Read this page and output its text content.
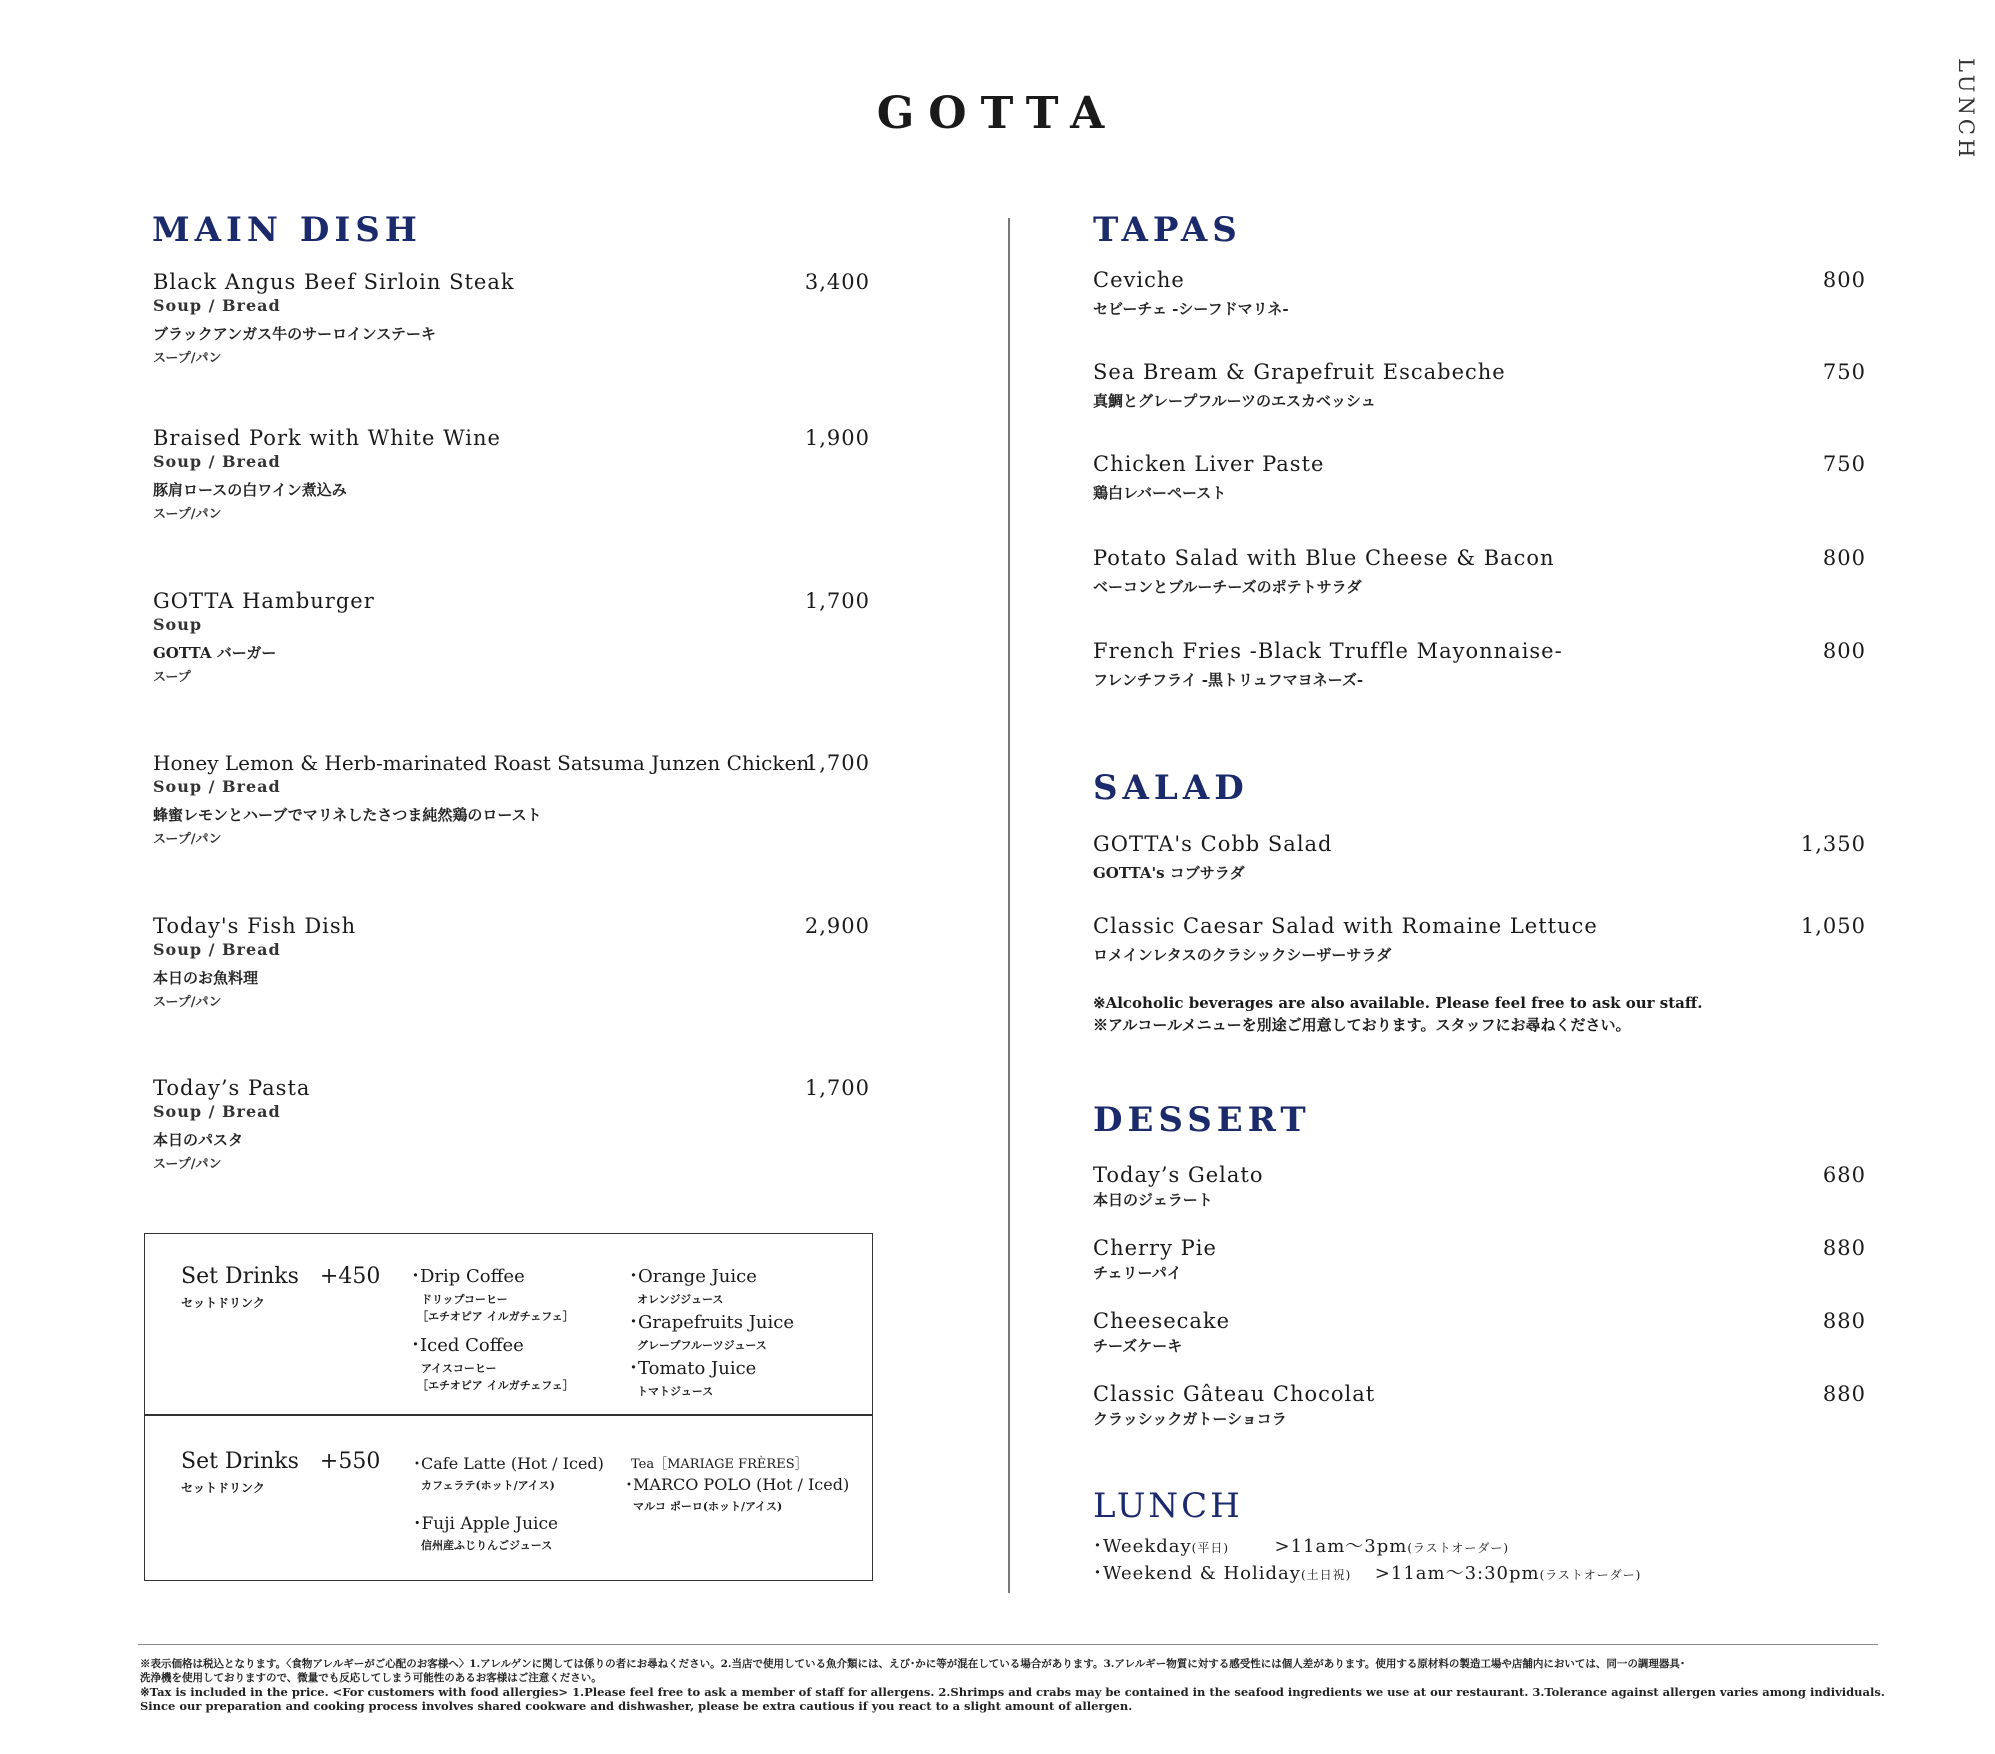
GOTTA	LUNCH
MAIN DISH
Black Angus Beef Sirloin Steak
Soup / Bread
ブラックアンガス牛のサーロインステーキ
スープ/パン
3,400
Braised Pork with White Wine
Soup / Bread
豚肩ロースの白ワイン煮込み
スープ/パン
1,900
GOTTA Hamburger
Soup
GOTTA バーガー
スープ
1,700
Honey Lemon & Herb-marinated Roast Satsuma Junzen Chicken
Soup / Bread
蜂蜜レモンとハーブでマリネしたさつま純然鶏のロースト
スープ/パン
1,700
Today's Fish Dish
Soup / Bread
本日のお魚料理
スープ/パン
2,900
Today’s Pasta
Soup / Bread
本日のパスタ
スープ/パン
1,700
Set Drinks   +450
セットドリンク
･Drip Coffee
ドリップコーヒー
［エチオピア イルガチェフェ］
･Iced Coffee
アイスコーヒー
［エチオピア イルガチェフェ］
･Orange Juice
オレンジジュース
･Grapefruits Juice
グレープフルーツジュース
･Tomato Juice
トマトジュース
Set Drinks   +550
セットドリンク
･Cafe Latte (Hot / Iced)
カフェラテ(ホット/アイス)
･Fuji Apple Juice
信州産ふじりんごジュース
Tea［MARIAGE FRÈRES］
･MARCO POLO (Hot / Iced)
マルコ ポーロ(ホット/アイス)
TAPAS
Ceviche
セビーチェ -シーフドマリネ-
800
Sea Bream & Grapefruit Escabeche
真鯛とグレープフルーツのエスカベッシュ
750
Chicken Liver Paste
鶏白レバーペースト
750
Potato Salad with Blue Cheese & Bacon
ベーコンとブルーチーズのポテトサラダ
800
French Fries -Black Truffle Mayonnaise-
フレンチフライ -黒トリュフマヨネーズ-
800
SALAD
GOTTA's Cobb Salad
GOTTA's コブサラダ
1,350
Classic Caesar Salad with Romaine Lettuce
ロメインレタスのクラシックシーザーサラダ
1,050
※Alcoholic beverages are also available. Please feel free to ask our staff.
※アルコールメニューを別途ご用意しております。スタッフにお尋ねください。
DESSERT
Today’s Gelato
本日のジェラート
680
Cherry Pie
チェリーパイ
880
Cheesecake
チーズケーキ
880
Classic Gâteau Chocolat
クラッシックガトーショコラ
880
LUNCH
･Weekday(平日)	>11am～3pm(ラストオーダー)
･Weekend & Holiday(土日祝) >11am～3:30pm(ラストオーダー)
※表示価格は税込となります。〈食物アレルギーがご心配のお客様へ〉1.アレルゲンに関しては係りの者にお尋ねください。2.当店で使用している魚介類には、えび･かに等が混在している場合があります。3.アレルギー物質に対する感受性には個人差があります。使用する原材料の製造工場や店舗内においては、同一の調理器具･
洗浄機を使用しておりますので、微量でも反応してしまう可能性のあるお客様はご注意ください。
※Tax is included in the price. <For customers with food allergies> 1.Please feel free to ask a member of staff for allergens. 2.Shrimps and crabs may be contained in the seafood ingredients we use at our restaurant. 3.Tolerance against allergen varies among individuals.
Since our preparation and cooking process involves shared cookware and dishwasher, please be extra cautious if you react to a slight amount of allergen.
